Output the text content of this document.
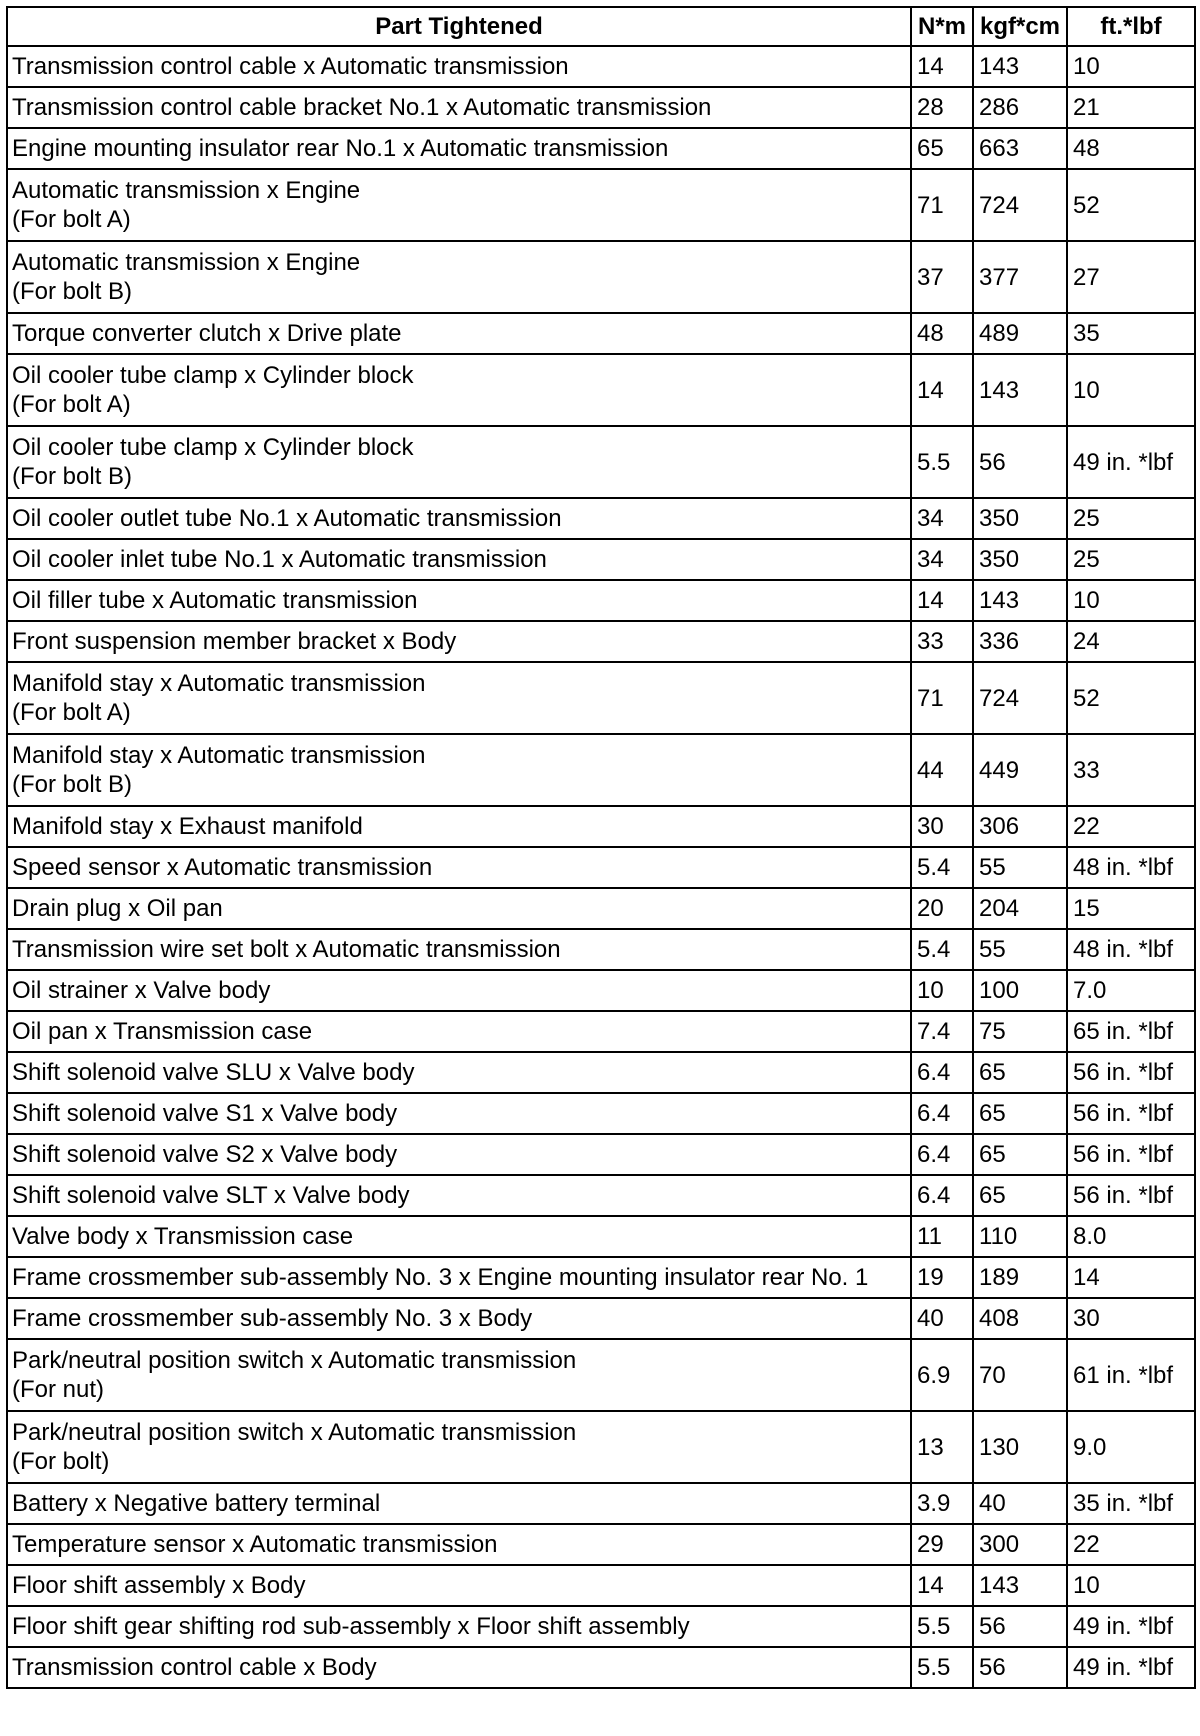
Part Tightened	N*m	kgf*cm	ft.*lbf

Transmission control cable x Automatic transmission	14	143	10

Transmission control cable bracket No.1 x Automatic transmission	28	286	21

Engine mounting insulator rear No.1 x Automatic transmission	65	663	48

Automatic transmission x Engine
(For bolt A)	71	724	52

Automatic transmission x Engine
(For bolt B)	37	377	27

Torque converter clutch x Drive plate	48	489	35

Oil cooler tube clamp x Cylinder block
(For bolt A)	14	143	10

Oil cooler tube clamp x Cylinder block
(For bolt B)	5.5	56	49 in. *lbf

Oil cooler outlet tube No.1 x Automatic transmission	34	350	25

Oil cooler inlet tube No.1 x Automatic transmission	34	350	25

Oil filler tube x Automatic transmission	14	143	10

Front suspension member bracket x Body	33	336	24

Manifold stay x Automatic transmission
(For bolt A)	71	724	52

Manifold stay x Automatic transmission
(For bolt B)	44	449	33

Manifold stay x Exhaust manifold	30	306	22

Speed sensor x Automatic transmission	5.4	55	48 in. *lbf

Drain plug x Oil pan	20	204	15

Transmission wire set bolt x Automatic transmission	5.4	55	48 in. *lbf

Oil strainer x Valve body	10	100	7.0

Oil pan x Transmission case	7.4	75	65 in. *lbf

Shift solenoid valve SLU x Valve body	6.4	65	56 in. *lbf

Shift solenoid valve S1 x Valve body	6.4	65	56 in. *lbf

Shift solenoid valve S2 x Valve body	6.4	65	56 in. *lbf

Shift solenoid valve SLT x Valve body	6.4	65	56 in. *lbf

Valve body x Transmission case	11	110	8.0

Frame crossmember sub-assembly No. 3 x Engine mounting insulator rear No. 1	19	189	14

Frame crossmember sub-assembly No. 3 x Body	40	408	30

Park/neutral position switch x Automatic transmission
(For nut)	6.9	70	61 in. *lbf

Park/neutral position switch x Automatic transmission
(For bolt)	13	130	9.0

Battery x Negative battery terminal	3.9	40	35 in. *lbf

Temperature sensor x Automatic transmission	29	300	22

Floor shift assembly x Body	14	143	10

Floor shift gear shifting rod sub-assembly x Floor shift assembly	5.5	56	49 in. *lbf

Transmission control cable x Body	5.5	56	49 in. *lbf
